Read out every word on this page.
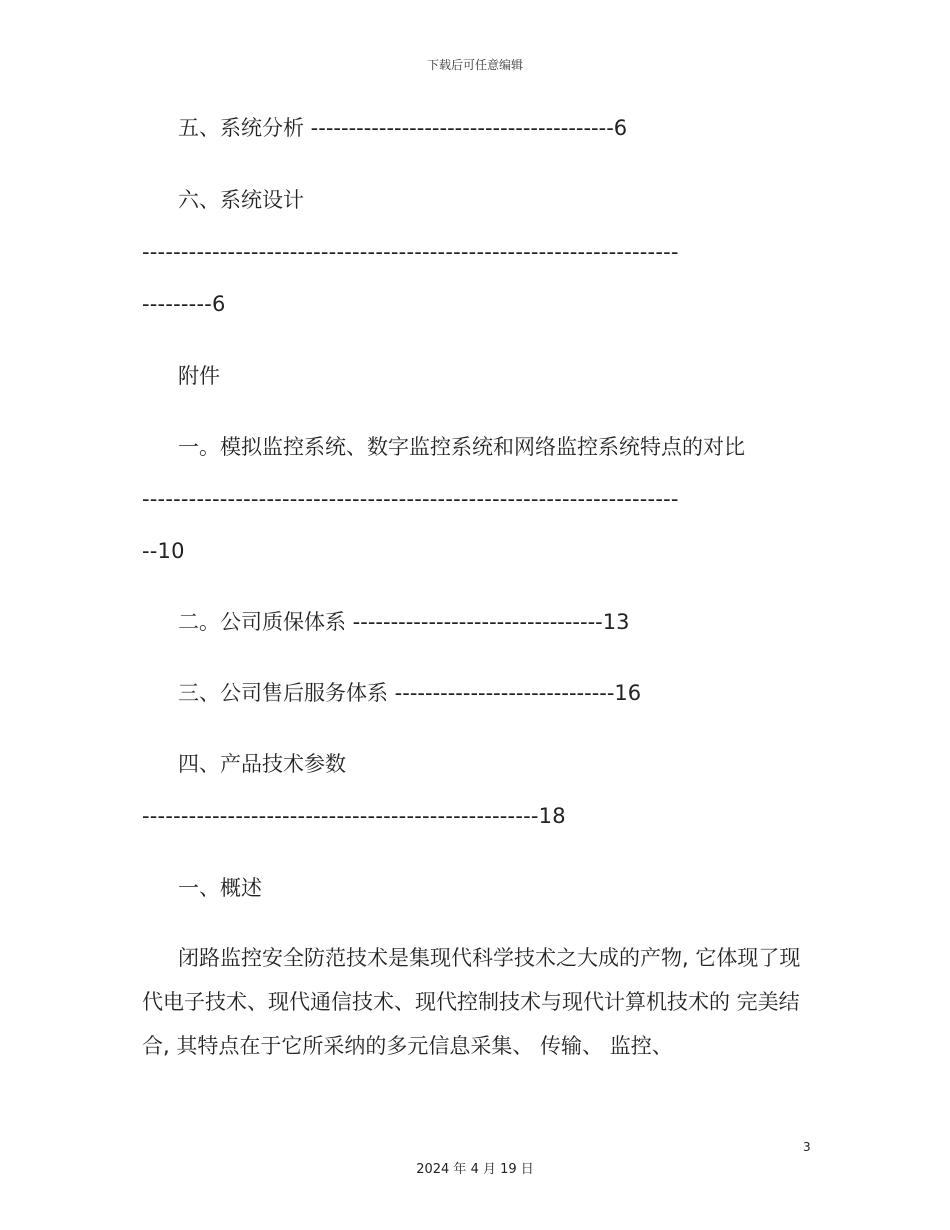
下载后可任意编辑
五、系统分析 ----------------------------------------6
六、系统设计
---------------------------------------------------------------------
---------6
附件
一。模拟监控系统、数字监控系统和网络监控系统特点的对比
---------------------------------------------------------------------
--10
二。公司质保体系 ---------------------------------13
三、公司售后服务体系 -----------------------------16
四、产品技术参数
---------------------------------------------------18
一、概述
闭路监控安全防范技术是集现代科学技术之大成的产物, 它体现了现代电子技术、现代通信技术、现代控制技术与现代计算机技术的 完美结合, 其特点在于它所采纳的多元信息采集、 传输、 监控、
3
2024 年 4 月 19 日
